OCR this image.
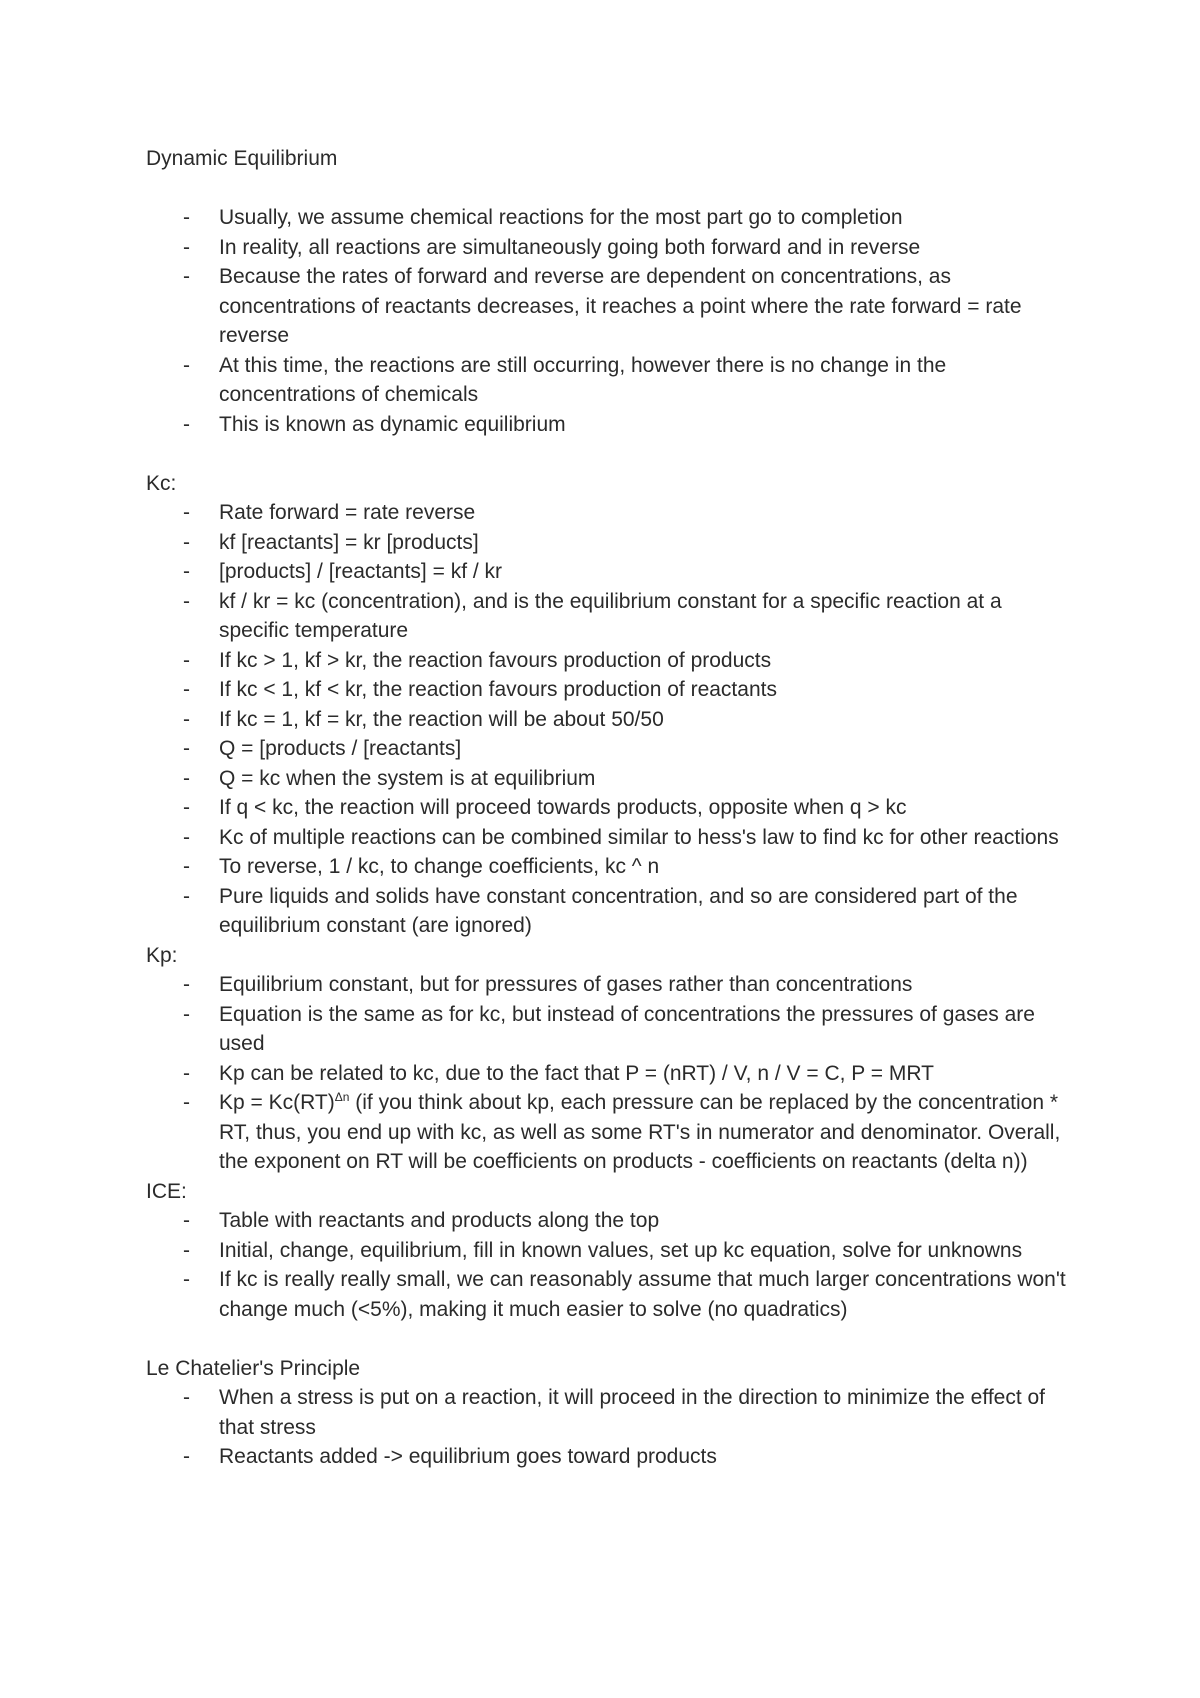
Dynamic Equilibrium

- Usually, we assume chemical reactions for the most part go to completion
- In reality, all reactions are simultaneously going both forward and in reverse
- Because the rates of forward and reverse are dependent on concentrations, as concentrations of reactants decreases, it reaches a point where the rate forward = rate reverse
- At this time, the reactions are still occurring, however there is no change in the concentrations of chemicals
- This is known as dynamic equilibrium

Kc:

- Rate forward = rate reverse
- kf [reactants] = kr [products]
- [products] / [reactants] = kf / kr
- kf / kr = kc (concentration), and is the equilibrium constant for a specific reaction at a specific temperature
- If kc > 1, kf > kr, the reaction favours production of products
- If kc < 1, kf < kr, the reaction favours production of reactants
- If kc = 1, kf = kr, the reaction will be about 50/50
- Q = [products / [reactants]
- Q = kc when the system is at equilibrium
- If q < kc, the reaction will proceed towards products, opposite when q > kc
- Kc of multiple reactions can be combined similar to hess's law to find kc for other reactions
- To reverse, 1 / kc, to change coefficients, kc ^ n
- Pure liquids and solids have constant concentration, and so are considered part of the equilibrium constant (are ignored)

Kp:

- Equilibrium constant, but for pressures of gases rather than concentrations
- Equation is the same as for kc, but instead of concentrations the pressures of gases are used
- Kp can be related to kc, due to the fact that P = (nRT) / V, n / V = C, P = MRT
- Kp = Kc(RT)$^{\Delta n}$ (if you think about kp, each pressure can be replaced by the concentration * RT, thus, you end up with kc, as well as some RT's in numerator and denominator. Overall, the exponent on RT will be coefficients on products - coefficients on reactants (delta n))

ICE:

- Table with reactants and products along the top
- Initial, change, equilibrium, fill in known values, set up kc equation, solve for unknowns
- If kc is really really small, we can reasonably assume that much larger concentrations won't change much (<5%), making it much easier to solve (no quadratics)

Le Chatelier's Principle

- When a stress is put on a reaction, it will proceed in the direction to minimize the effect of that stress
- Reactants added -> equilibrium goes toward products
